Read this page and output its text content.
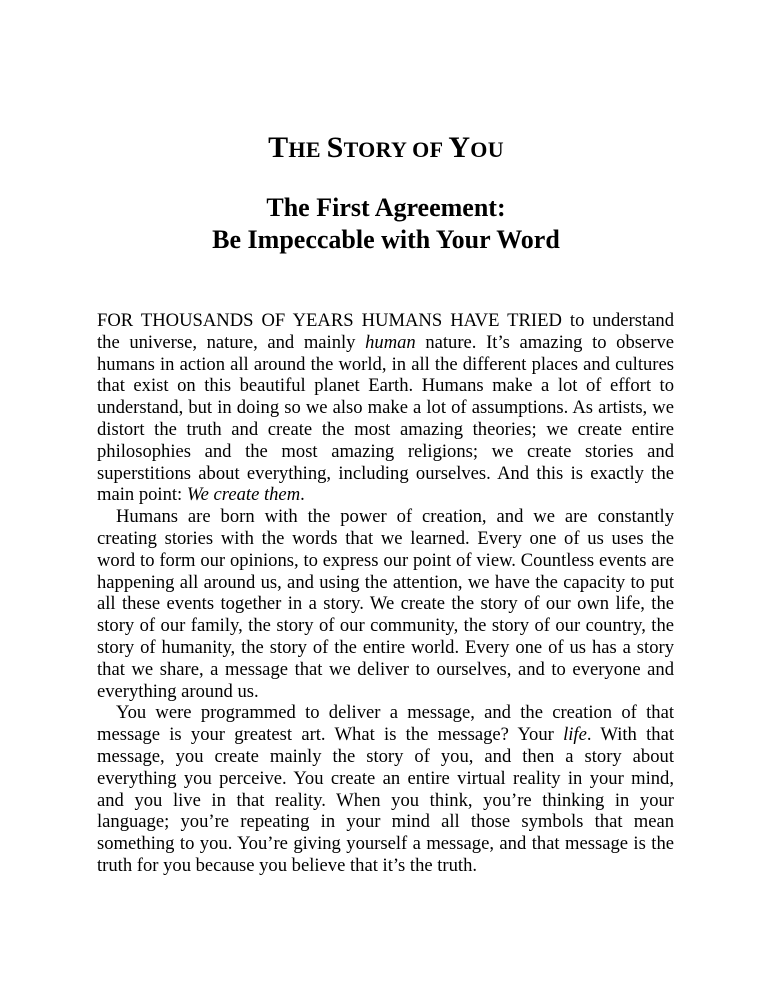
THE STORY OF YOU
The First Agreement:
Be Impeccable with Your Word

FOR THOUSANDS OF YEARS HUMANS HAVE TRIED to understand the universe, nature, and mainly human nature. It’s amazing to observe humans in action all around the world, in all the different places and cultures that exist on this beautiful planet Earth. Humans make a lot of effort to understand, but in doing so we also make a lot of assumptions. As artists, we distort the truth and create the most amazing theories; we create entire philosophies and the most amazing religions; we create stories and superstitions about everything, including ourselves. And this is exactly the main point: We create them.

Humans are born with the power of creation, and we are constantly creating stories with the words that we learned. Every one of us uses the word to form our opinions, to express our point of view. Countless events are happening all around us, and using the attention, we have the capacity to put all these events together in a story. We create the story of our own life, the story of our family, the story of our community, the story of our country, the story of humanity, the story of the entire world. Every one of us has a story that we share, a message that we deliver to ourselves, and to everyone and everything around us.

You were programmed to deliver a message, and the creation of that message is your greatest art. What is the message? Your life. With that message, you create mainly the story of you, and then a story about everything you perceive. You create an entire virtual reality in your mind, and you live in that reality. When you think, you’re thinking in your language; you’re repeating in your mind all those symbols that mean something to you. You’re giving yourself a message, and that message is the truth for you because you believe that it’s the truth.
